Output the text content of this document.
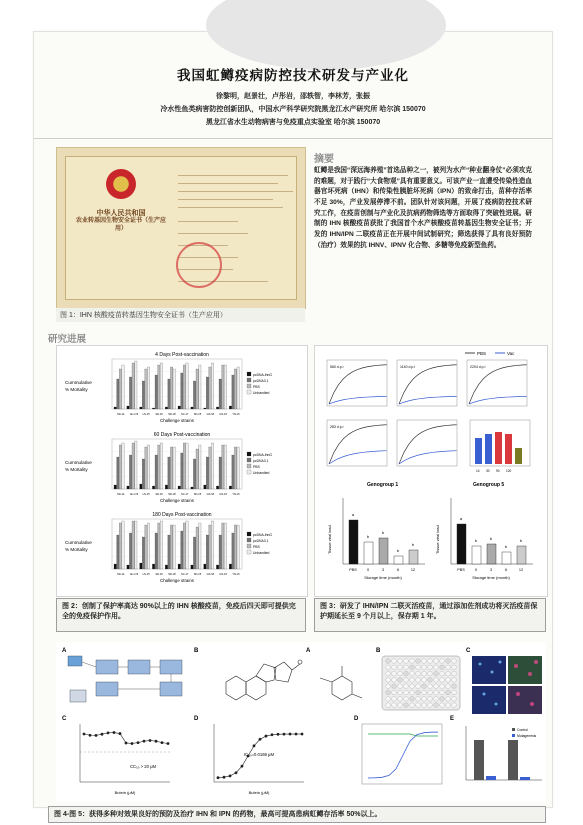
我国虹鳟疫病防控技术研发与产业化
徐黎明，赵景壮，卢彤岩，邵轶智，李林芳，张振
冷水性鱼类病害防控创新团队，中国水产科学研究院黑龙江水产研究所 哈尔滨 150070
黑龙江省水生动物病害与免疫重点实验室 哈尔滨 150070
中华人民共和国
农业转基因生物安全证书（生产应用）
图 1：IHN 核酸疫苗转基因生物安全证书（生产应用）
摘要
虹鳟是我国“深远海养殖”首选品种之一，被列为水产“种业翻身仗”必须攻克的难题，对于践行“大食物观”具有重要意义。可该产业一直遭受传染性造血器官坏死病（IHN）和传染性胰脏坏死病（IPN）的致命打击，苗种存活率不足 30%，产业发展停滞不前。团队针对该问题，开展了疫病防控技术研究工作，在疫苗创制与产业化及抗病药物筛选等方面取得了突破性进展。研制的 IHN 核酸疫苗获批了我国首个水产核酸疫苗转基因生物安全证书；开发的 IHN/IPN 二联疫苗正在开展中间试制研究；筛选获得了具有良好预防（治疗）效果的抗 IHNV、IPNV 化合物、多糖等免疫新型鱼药。
研究进展
4 Days Post-vaccination
Cummulative
% Mortality
SD-12 HLJ-15 LN-15 SD-16 SD-18 SC-17 SD-15 GS-18 GS-16 YN-15
Challenge strains
pcDNA-lhnG
pcDNA3.1
PBS
Unhandled
60 Days Post-vaccination
Cummulative
% Mortality
SD-12 HLJ-15 LN-15 SD-16 SD-18 SC-17 SD-15 GS-18 GS-16 YN-15
Challenge strains
pcDNA-lhnG
pcDNA3.1
PBS
Unhandled
180 Days Post-vaccination
Cummulative
% Mortality
SD-12 HLJ-15 LN-15 SD-16 SD-18 SC-17 SD-15 GS-18 GS-16 YN-15
Challenge strains
pcDNA-lhnG
pcDNA3.1
PBS
Unhandled
图 2：创制了保护率高达 90%以上的 IHN 核酸疫苗，免疫后四天即可提供完全的免疫保护作用。
PBS	Vac
560 d.p.i	1140 d.p.i	2204 d.p.i
283 d.p.i
14 30 90 120
Genogroup 1	Genogroup 5
Tissue viral load
a
PBS
b
0
b
3
b
6
b
12
Storage time (month)
Tissue viral load
a
PBS
b
0
b
3
b
6
b
12
Storage time (month)
图 3：研发了 IHN/IPN 二联灭活疫苗，通过添加佐剂成功将灭活疫苗保护期延长至 9 个月以上，保存期 1 年。
A	B
C
CC₅₀ > 20 μM
Butein (μM)
D
IC₅₀=0.0169 μM
Butein (μM)
A	B	C
D	E
Control
Mutagenesis
图 4-图 5：获得多种对效果良好的预防及治疗 IHN 和 IPN 的药物，最高可提高患病虹鳟存活率 50%以上。
